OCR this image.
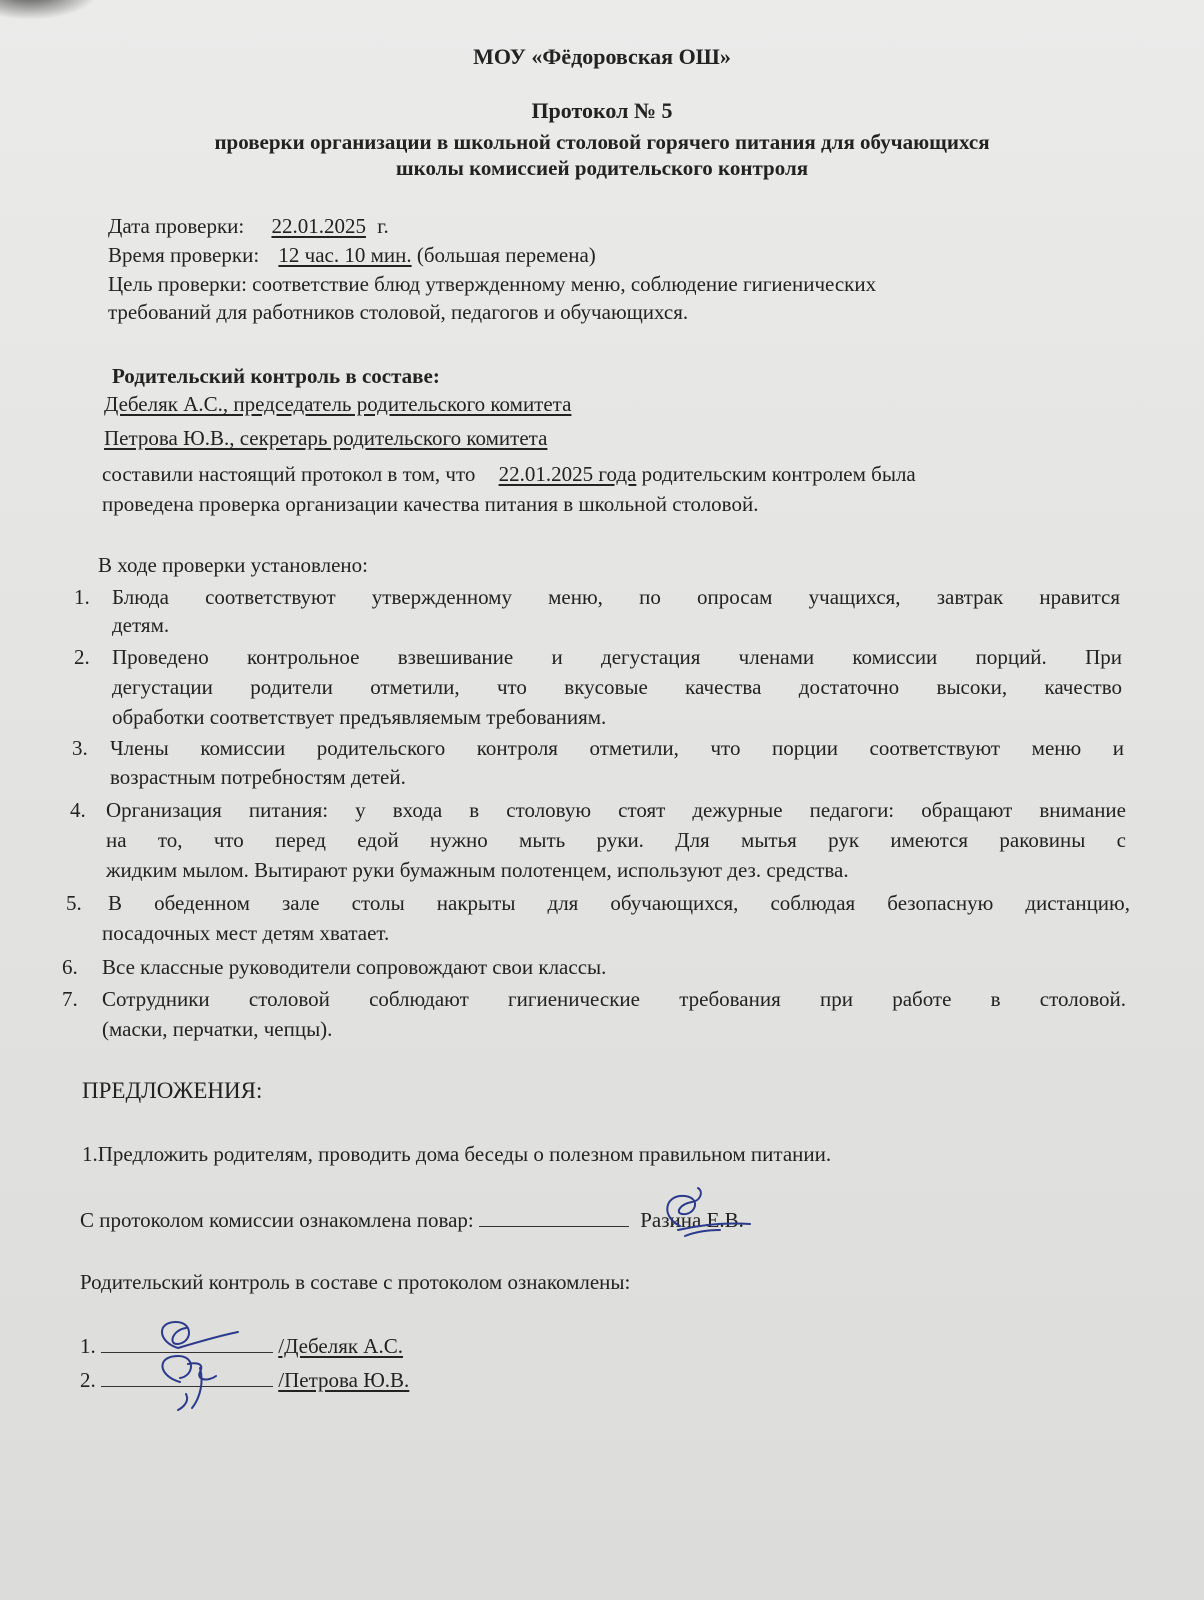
МОУ «Фёдоровская ОШ»
Протокол № 5
проверки организации в школьной столовой горячего питания для обучающихся
школы комиссией родительского контроля
Дата проверки: 22.01.2025 г.
Время проверки: 12 час. 10 мин. (большая перемена)
Цель проверки: соответствие блюд утвержденному меню, соблюдение гигиенических
требований для работников столовой, педагогов и обучающихся.
Родительский контроль в составе:
Дебеляк А.С., председатель родительского комитета
Петрова Ю.В., секретарь родительского комитета
составили настоящий протокол в том, что 22.01.2025 года родительским контролем была
проведена проверка организации качества питания в школьной столовой.
В ходе проверки установлено:
1. Блюда соответствуют утвержденному меню, по опросам учащихся, завтрак нравится
детям.
2. Проведено контрольное взвешивание и дегустация членами комиссии порций. При
дегустации родители отметили, что вкусовые качества достаточно высоки, качество
обработки соответствует предъявляемым требованиям.
3. Члены комиссии родительского контроля отметили, что порции соответствуют меню и
возрастным потребностям детей.
4. Организация питания: у входа в столовую стоят дежурные педагоги: обращают внимание
на то, что перед едой нужно мыть руки. Для мытья рук имеются раковины с
жидким мылом. Вытирают руки бумажным полотенцем, используют дез. средства.
5. В обеденном зале столы накрыты для обучающихся, соблюдая безопасную дистанцию,
посадочных мест детям хватает.
6. Все классные руководители сопровождают свои классы.
7. Сотрудники столовой соблюдают гигиенические требования при работе в столовой.
(маски, перчатки, чепцы).
ПРЕДЛОЖЕНИЯ:
1.Предложить родителям, проводить дома беседы о полезном правильном питании.
С протоколом комиссии ознакомлена повар:	Разина Е.В.
Родительский контроль в составе с протоколом ознакомлены:
1.	/Дебеляк А.С.
2.	/Петрова Ю.В.
